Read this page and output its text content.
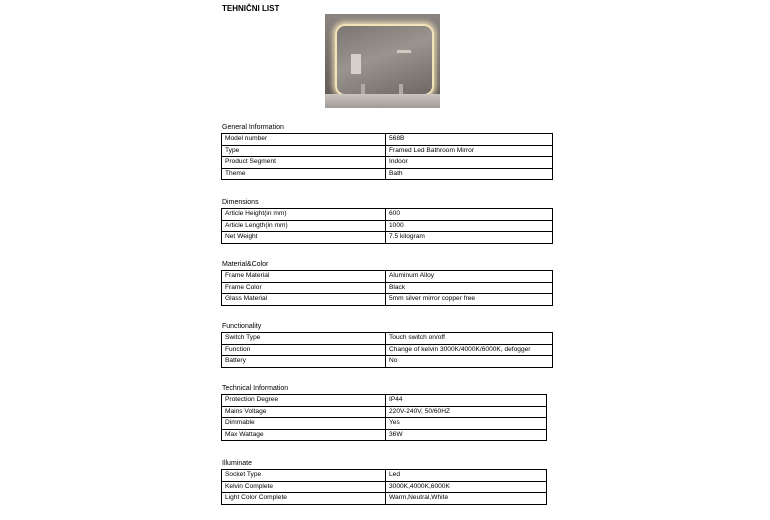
TEHNIČNI LIST
General Information
Model number	568B
Type	Framed Led Bathroom Mirror
Product Segment	Indoor
Theme	Bath
Dimensions
Article Height(in mm)	600
Article Length(in mm)	1000
Net Weight	7.5 kilogram
Material&Color
Frame Material	Aluminum Alloy
Frame Color	Black
Glass Material	5mm silver mirror copper free
Functionality
Switch Type	Touch switch on/off
Function	Change of kelvin 3000K/4000K/6000K, defogger
Battery	No
Technical Information
Protection Degree	IP44
Mains Voltage	220V-240V, 50/60HZ
Dimmable	Yes
Max Wattage	36W
Illuminate
Socket Type	Led
Kelvin Complete	3000K,4000K,6000K
Light Color Complete	Warm,Neutral,White
